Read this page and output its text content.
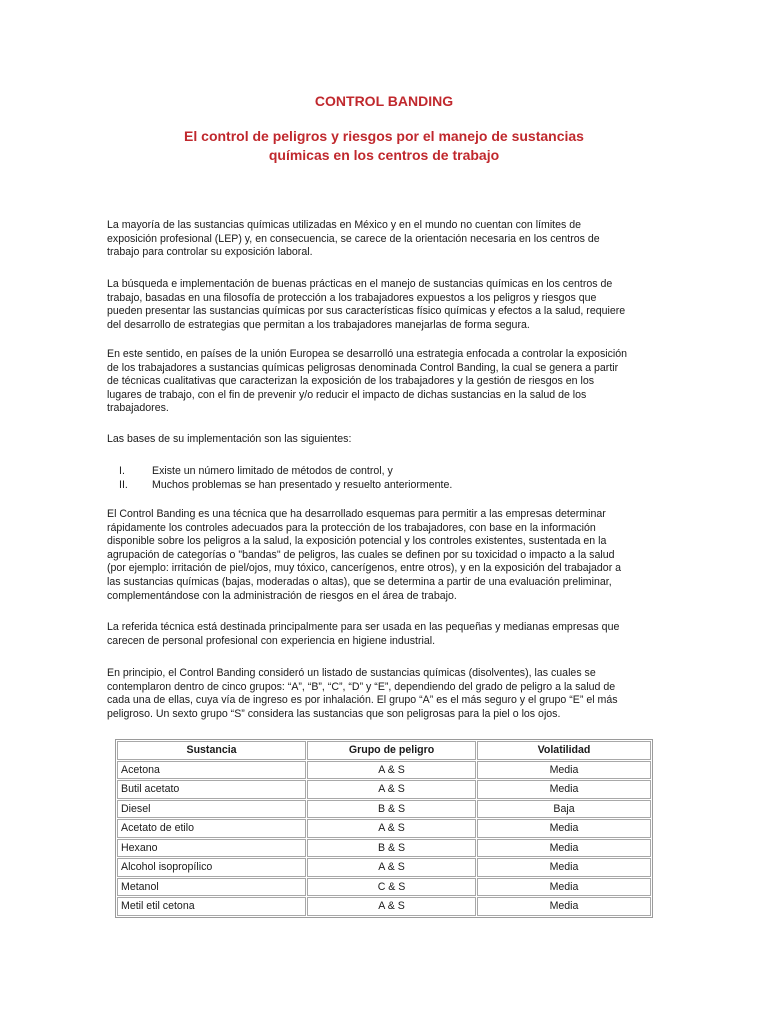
CONTROL BANDING
El control de peligros y riesgos por el manejo de sustancias
químicas en los centros de trabajo
La mayoría de las sustancias químicas utilizadas en México y en el mundo no cuentan con límites de
exposición profesional (LEP) y, en consecuencia, se carece de la orientación necesaria en los centros de
trabajo para controlar su exposición laboral.
La búsqueda e implementación de buenas prácticas en el manejo de sustancias químicas en los centros de
trabajo, basadas en una filosofía de protección a los trabajadores expuestos a los peligros y riesgos que
pueden presentar las sustancias químicas por sus características físico químicas y efectos a la salud, requiere
del desarrollo de estrategias que permitan a los trabajadores manejarlas de forma segura.
En este sentido, en países de la unión Europea se desarrolló una estrategia enfocada a controlar la exposición
de los trabajadores a sustancias químicas peligrosas denominada Control Banding, la cual se genera a partir
de técnicas cualitativas que caracterizan la exposición de los trabajadores y la gestión de riesgos en los
lugares de trabajo, con el fin de prevenir y/o reducir el impacto de dichas sustancias en la salud de los
trabajadores.
Las bases de su implementación son las siguientes:
I.	Existe un número limitado de métodos de control, y
II.	Muchos problemas se han presentado y resuelto anteriormente.
El Control Banding es una técnica que ha desarrollado esquemas para permitir a las empresas determinar
rápidamente los controles adecuados para la protección de los trabajadores, con base en la información
disponible sobre los peligros a la salud, la exposición potencial y los controles existentes, sustentada en la
agrupación de categorías o "bandas" de peligros, las cuales se definen por su toxicidad o impacto a la salud
(por ejemplo: irritación de piel/ojos, muy tóxico, cancerígenos, entre otros), y en la exposición del trabajador a
las sustancias químicas (bajas, moderadas o altas), que se determina a partir de una evaluación preliminar,
complementándose con la administración de riesgos en el área de trabajo.
La referida técnica está destinada principalmente para ser usada en las pequeñas y medianas empresas que
carecen de personal profesional con experiencia en higiene industrial.
En principio, el Control Banding consideró un listado de sustancias químicas (disolventes), las cuales se
contemplaron dentro de cinco grupos: “A”, “B”, “C”, “D” y “E”, dependiendo del grado de peligro a la salud de
cada una de ellas, cuya vía de ingreso es por inhalación. El grupo “A” es el más seguro y el grupo “E” el más
peligroso. Un sexto grupo “S” considera las sustancias que son peligrosas para la piel o los ojos.
Sustancia	Grupo de peligro	Volatilidad
Acetona	A & S	Media
Butil acetato	A & S	Media
Diesel	B & S	Baja
Acetato de etilo	A & S	Media
Hexano	B & S	Media
Alcohol isopropílico	A & S	Media
Metanol	C & S	Media
Metil etil cetona	A & S	Media
